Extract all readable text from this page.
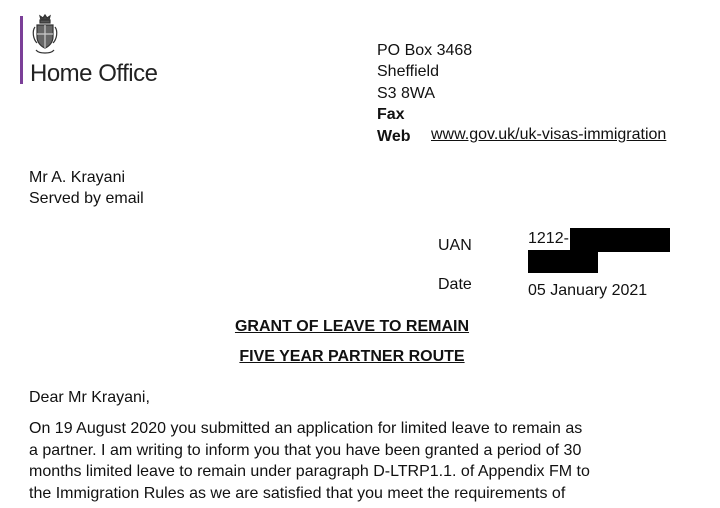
Home Office
PO Box 3468
Sheffield
S3 8WA
Fax
Web www.gov.uk/uk-visas-immigration
Mr A. Krayani
Served by email
UAN	1212-
Date	05 January 2021
GRANT OF LEAVE TO REMAIN
FIVE YEAR PARTNER ROUTE
Dear Mr Krayani,
On 19 August 2020 you submitted an application for limited leave to remain as
a partner. I am writing to inform you that you have been granted a period of 30
months limited leave to remain under paragraph D-LTRP1.1. of Appendix FM to
the Immigration Rules as we are satisfied that you meet the requirements of
